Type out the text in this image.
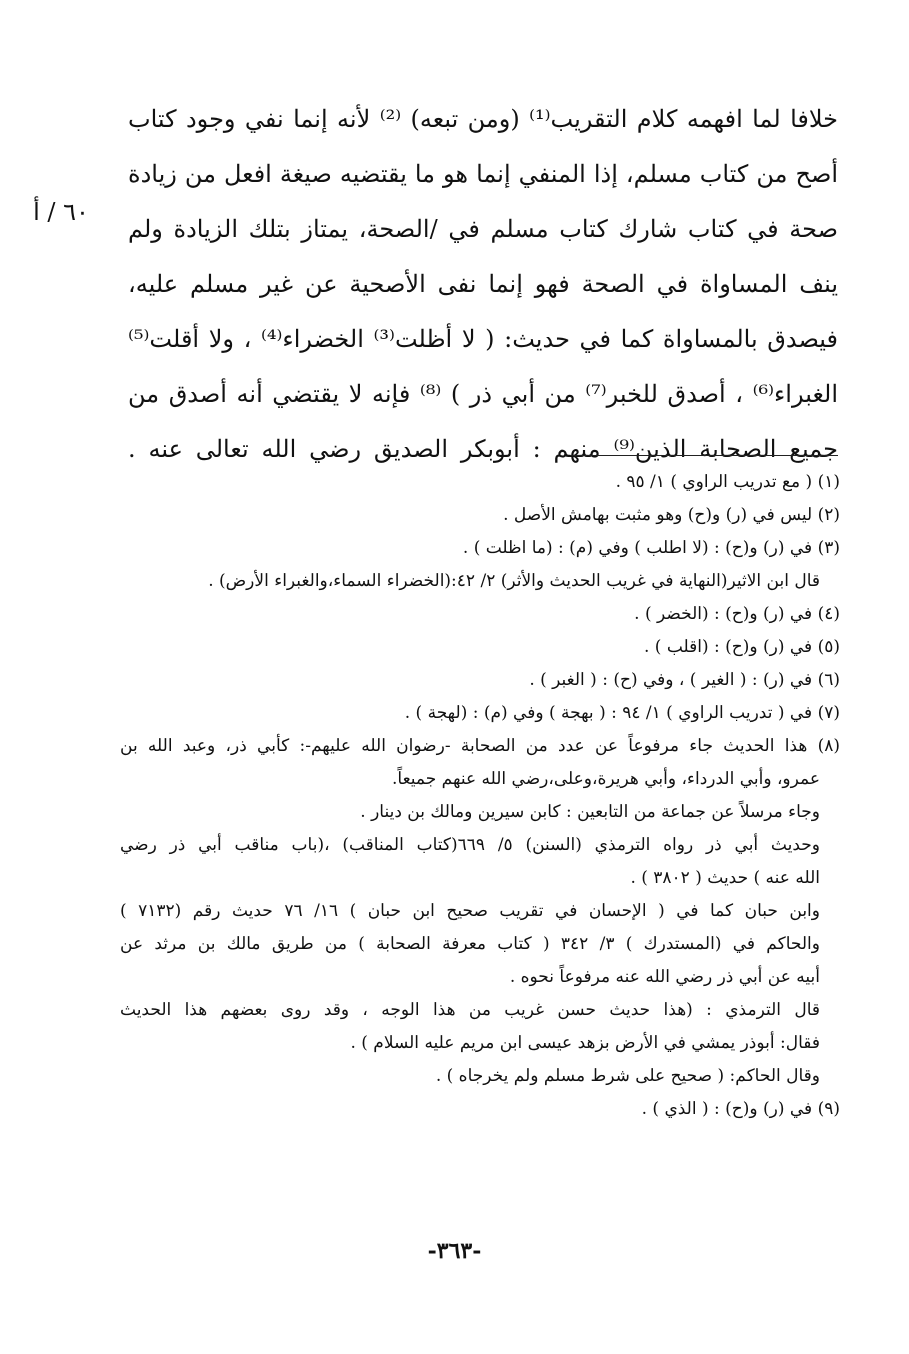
٦٠ / أ
خلافا لما افهمه كلام التقريب⁽¹⁾ (ومن تبعه) ⁽²⁾ لأنه إنما نفي وجود كتاب
أصح من كتاب مسلم، إذا المنفي إنما هو ما يقتضيه صيغة افعل من زيادة
صحة في كتاب شارك كتاب مسلم في /الصحة، يمتاز بتلك الزيادة ولم
ينف المساواة في الصحة فهو إنما نفى الأصحية عن غير مسلم عليه،
فيصدق بالمساواة كما في حديث: ( لا أظلت⁽³⁾ الخضراء⁽⁴⁾ ، ولا أقلت⁽⁵⁾
الغبراء⁽⁶⁾ ، أصدق للخبر⁽⁷⁾ من أبي ذر ) ⁽⁸⁾ فإنه لا يقتضي أنه أصدق من
جميع الصحابة الذين⁽⁹⁾ منهم : أبوبكر الصديق رضي الله تعالى عنه .
(١) ( مع تدريب الراوي ) ١/ ٩٥ .
(٢) ليس في (ر) و(ح) وهو مثبت بهامش الأصل .
(٣) في (ر) و(ح) : (لا اطلب ) وفي (م) : (ما اظلت ) .
قال ابن الاثير(النهاية في غريب الحديث والأثر) ٢/ ٤٢:(الخضراء السماء،والغبراء الأرض) .
(٤) في (ر) و(ح) : (الخضر ) .
(٥) في (ر) و(ح) : (اقلب ) .
(٦) في (ر) : ( الغير ) ، وفي (ح) : ( الغبر ) .
(٧) في ( تدريب الراوي ) ١/ ٩٤ : ( بهجة ) وفي (م) : (لهجة ) .
(٨) هذا الحديث جاء مرفوعاً عن عدد من الصحابة -رضوان الله عليهم-: كأبي ذر، وعبد الله بن
عمرو، وأبي الدرداء، وأبي هريرة،وعلى،رضي الله عنهم جميعاً.
وجاء مرسلاً عن جماعة من التابعين : كابن سيرين ومالك بن دينار .
وحديث أبي ذر رواه الترمذي (السنن) ٥/ ٦٦٩(كتاب المناقب) ،(باب مناقب أبي ذر رضي
الله عنه ) حديث ( ٣٨٠٢ ) .
وابن حبان كما في ( الإحسان في تقريب صحيح ابن حبان ) ١٦/ ٧٦ حديث رقم (٧١٣٢ )
والحاكم في (المستدرك ) ٣/ ٣٤٢ ( كتاب معرفة الصحابة ) من طريق مالك بن مرثد عن
أبيه عن أبي ذر رضي الله عنه مرفوعاً نحوه .
قال الترمذي : (هذا حديث حسن غريب من هذا الوجه ، وقد روى بعضهم هذا الحديث
فقال: أبوذر يمشي في الأرض بزهد عيسى ابن مريم عليه السلام ) .
وقال الحاكم: ( صحيح على شرط مسلم ولم يخرجاه ) .
(٩) في (ر) و(ح) : ( الذي ) .
-٣٦٣-
